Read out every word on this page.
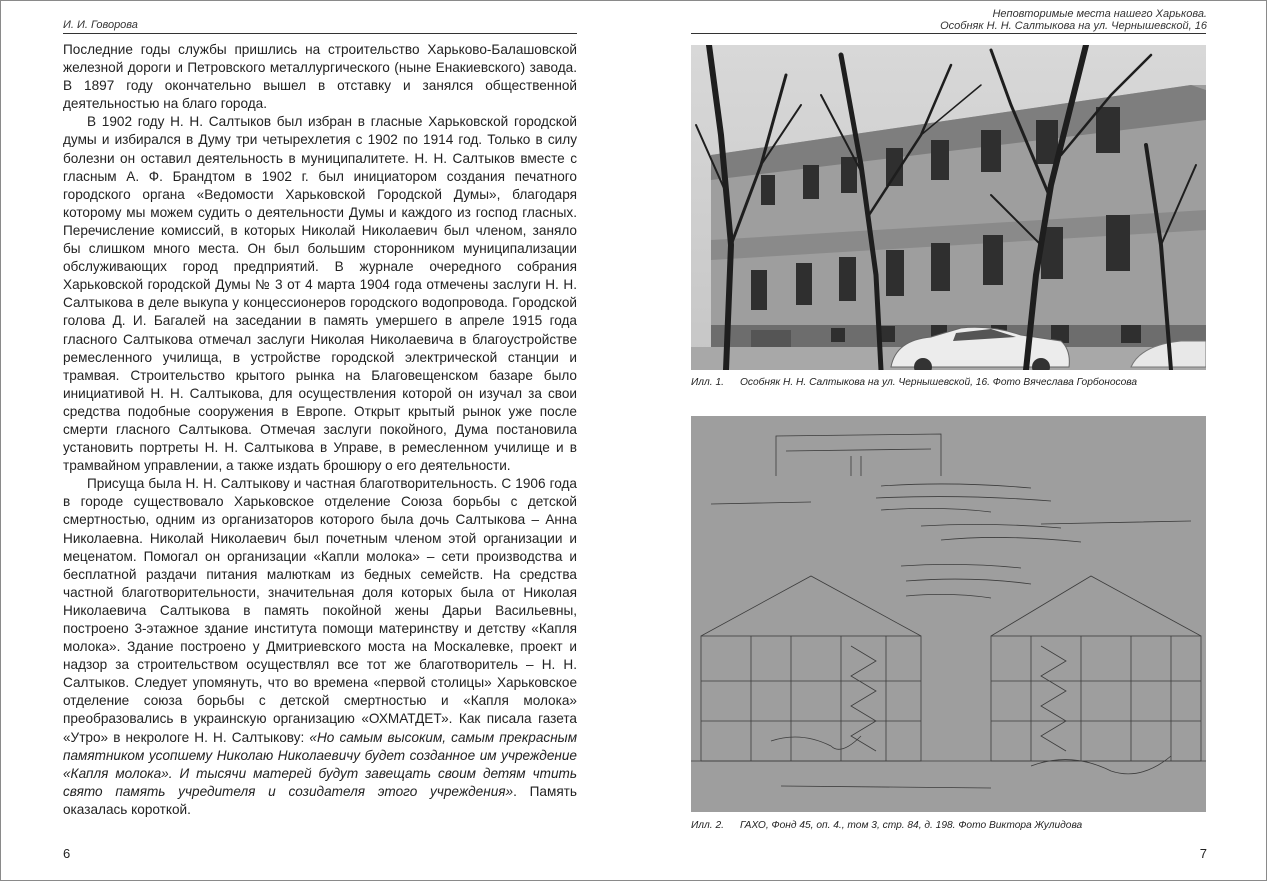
И. И. Говорова

Последние годы службы пришлись на строительство Харьково-Балашовской железной дороги и Петровского металлургического (ныне Енакиевского) завода. В 1897 году окончательно вышел в отставку и занялся общественной деятельностью на благо города.

В 1902 году Н. Н. Салтыков был избран в гласные Харьковской городской думы и избирался в Думу три четырехлетия с 1902 по 1914 год. Только в силу болезни он оставил деятельность в муниципалитете. Н. Н. Салтыков вместе с гласным А. Ф. Брандтом в 1902 г. был инициатором создания печатного городского органа «Ведомости Харьковской Городской Думы», благодаря которому мы можем судить о деятельности Думы и каждого из господ гласных. Перечисление комиссий, в которых Николай Николаевич был членом, заняло бы слишком много места. Он был большим сторонником муниципализации обслуживающих город предприятий. В журнале очередного собрания Харьковской городской Думы № 3 от 4 марта 1904 года отмечены заслуги Н. Н. Салтыкова в деле выкупа у концессионеров городского водопровода. Городской голова Д. И. Багалей на заседании в память умершего в апреле 1915 года гласного Салтыкова отмечал заслуги Николая Николаевича в благоустройстве ремесленного училища, в устройстве городской электрической станции и трамвая. Строительство крытого рынка на Благовещенском базаре было инициативой Н. Н. Салтыкова, для осуществления которой он изучал за свои средства подобные сооружения в Европе. Открыт крытый рынок уже после смерти гласного Салтыкова. Отмечая заслуги покойного, Дума постановила установить портреты Н. Н. Салтыкова в Управе, в ремесленном училище и в трамвайном управлении, а также издать брошюру о его деятельности.

Присуща была Н. Н. Салтыкову и частная благотворительность. С 1906 года в городе существовало Харьковское отделение Союза борьбы с детской смертностью, одним из организаторов которого была дочь Салтыкова – Анна Николаевна. Николай Николаевич был почетным членом этой организации и меценатом. Помогал он организации «Капли молока» – сети производства и бесплатной раздачи питания малюткам из бедных семейств. На средства частной благотворительности, значительная доля которых была от Николая Николаевича Салтыкова в память покойной жены Дарьи Васильевны, построено 3-этажное здание института помощи материнству и детству «Капля молока». Здание построено у Дмитриевского моста на Москалевке, проект и надзор за строительством осуществлял все тот же благотворитель – Н. Н. Салтыков. Следует упомянуть, что во времена «первой столицы» Харьковское отделение союза борьбы с детской смертностью и «Капля молока» преобразовались в украинскую организацию «ОХМАТДЕТ». Как писала газета «Утро» в некрологе Н. Н. Салтыкову: «Но самым высоким, самым прекрасным памятником усопшему Николаю Николаевичу будет созданное им учреждение «Капля молока». И тысячи матерей будут завещать своим детям чтить свято память учредителя и созидателя этого учреждения». Память оказалась короткой.

6
Неповторимые места нашего Харькова.
Особняк Н. Н. Салтыкова на ул. Чернышевской, 16
Илл. 1. Особняк Н. Н. Салтыкова на ул. Чернышевской, 16. Фото Вячеслава Горбоносова
Илл. 2. ГАХО, Фонд 45, оп. 4., том 3, стр. 84, д. 198. Фото Виктора Жулидова
7
